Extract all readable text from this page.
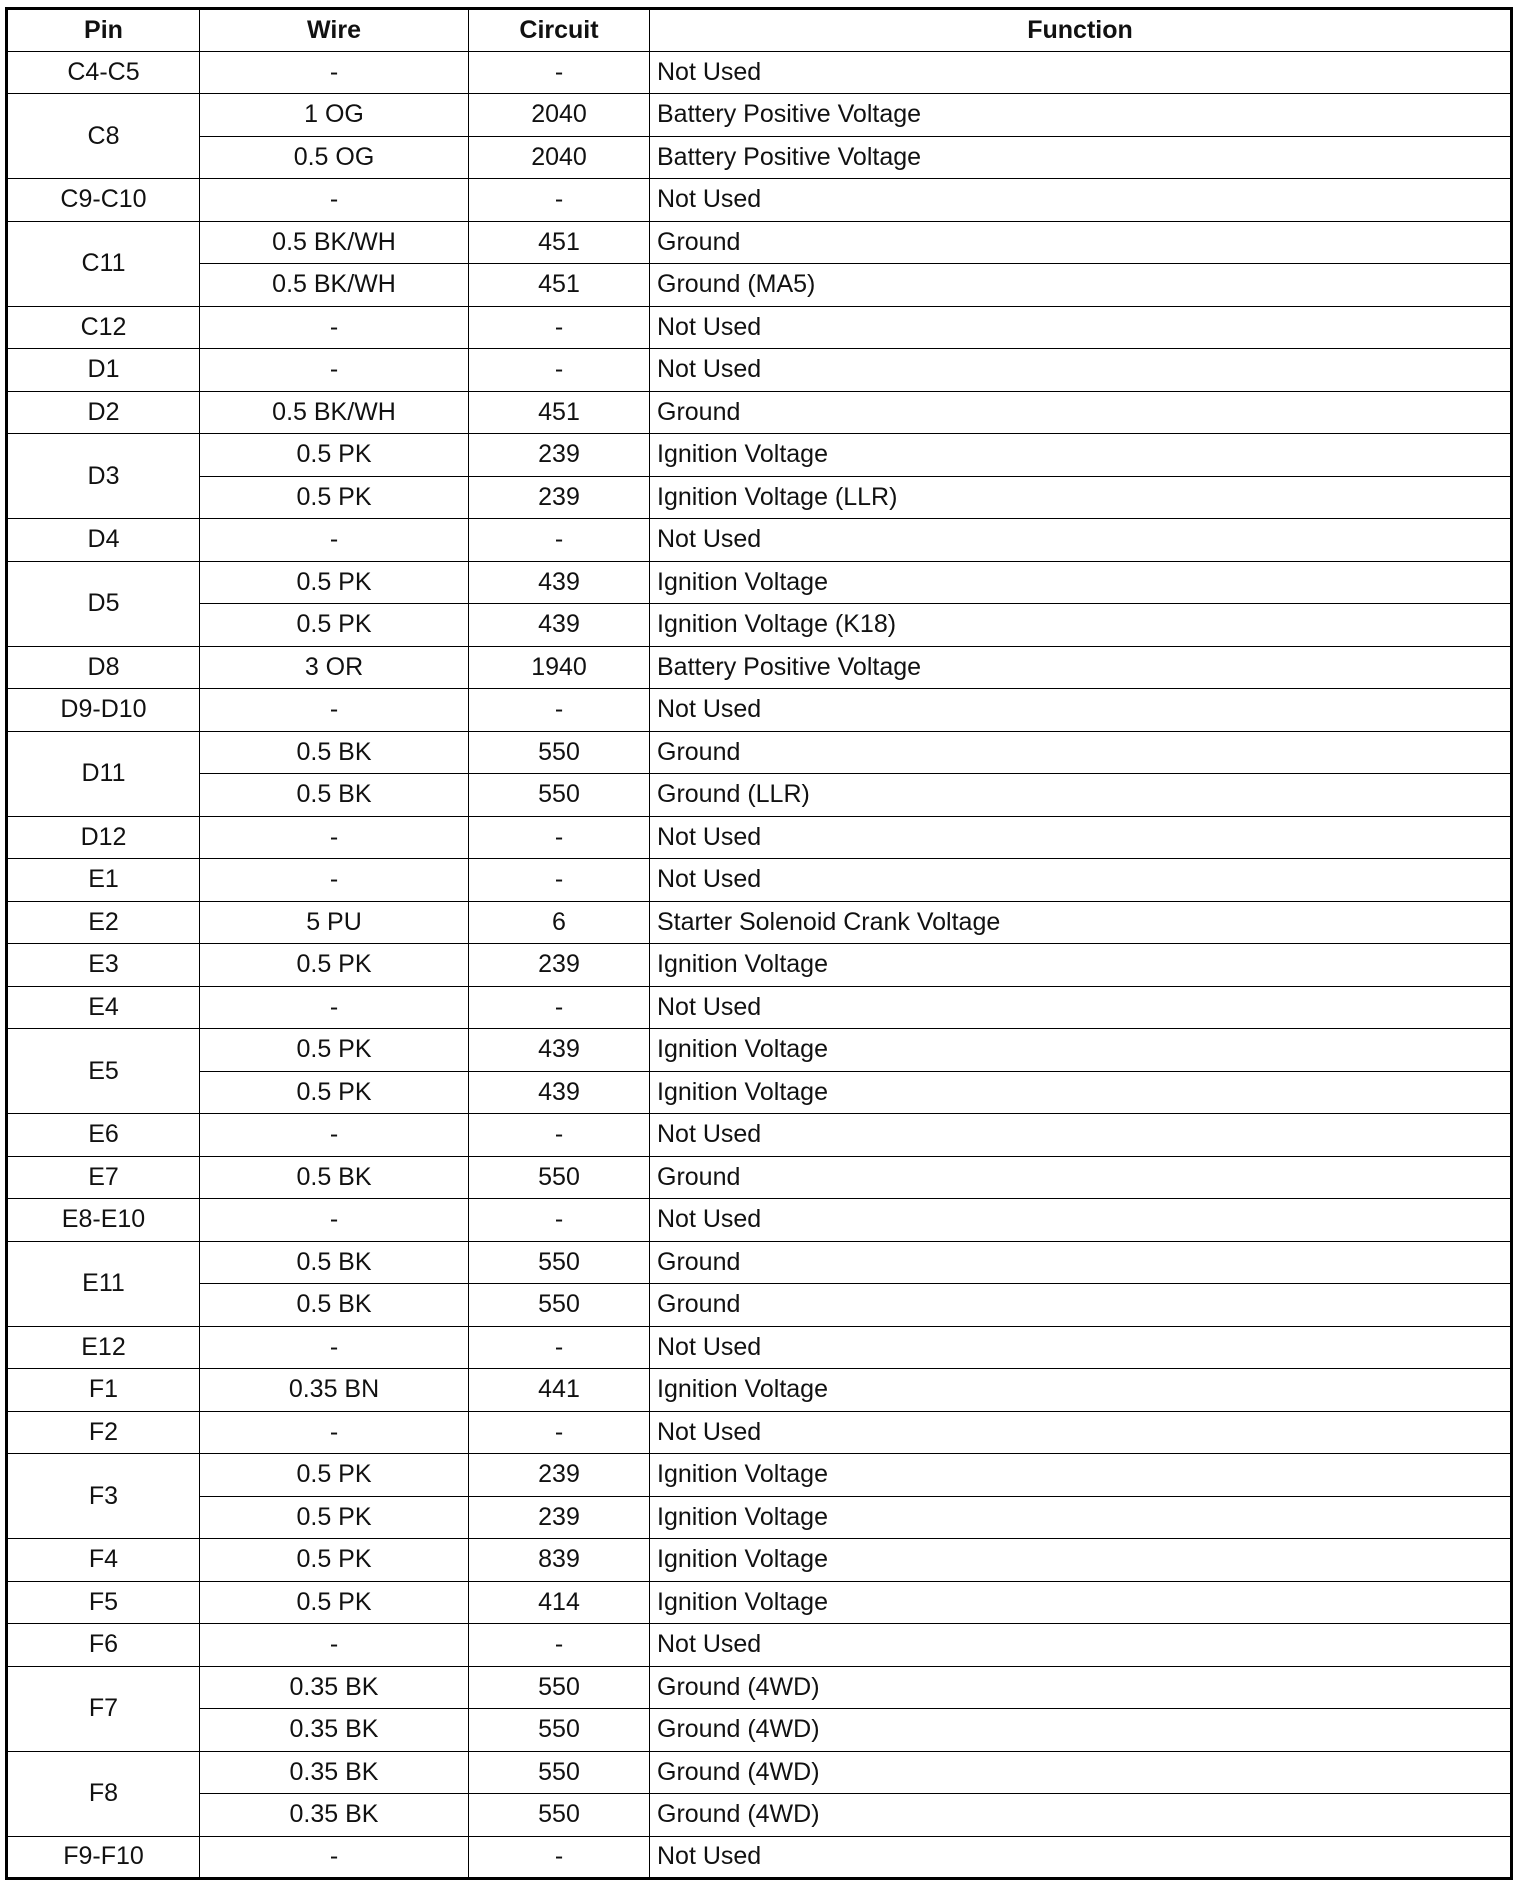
Pin	Wire	Circuit	Function
C4-C5	-	-	Not Used
C8	1 OG	2040	Battery Positive Voltage
	0.5 OG	2040	Battery Positive Voltage
C9-C10	-	-	Not Used
C11	0.5 BK/WH	451	Ground
	0.5 BK/WH	451	Ground (MA5)
C12	-	-	Not Used
D1	-	-	Not Used
D2	0.5 BK/WH	451	Ground
D3	0.5 PK	239	Ignition Voltage
	0.5 PK	239	Ignition Voltage (LLR)
D4	-	-	Not Used
D5	0.5 PK	439	Ignition Voltage
	0.5 PK	439	Ignition Voltage (K18)
D8	3 OR	1940	Battery Positive Voltage
D9-D10	-	-	Not Used
D11	0.5 BK	550	Ground
	0.5 BK	550	Ground (LLR)
D12	-	-	Not Used
E1	-	-	Not Used
E2	5 PU	6	Starter Solenoid Crank Voltage
E3	0.5 PK	239	Ignition Voltage
E4	-	-	Not Used
E5	0.5 PK	439	Ignition Voltage
	0.5 PK	439	Ignition Voltage
E6	-	-	Not Used
E7	0.5 BK	550	Ground
E8-E10	-	-	Not Used
E11	0.5 BK	550	Ground
	0.5 BK	550	Ground
E12	-	-	Not Used
F1	0.35 BN	441	Ignition Voltage
F2	-	-	Not Used
F3	0.5 PK	239	Ignition Voltage
	0.5 PK	239	Ignition Voltage
F4	0.5 PK	839	Ignition Voltage
F5	0.5 PK	414	Ignition Voltage
F6	-	-	Not Used
F7	0.35 BK	550	Ground (4WD)
	0.35 BK	550	Ground (4WD)
F8	0.35 BK	550	Ground (4WD)
	0.35 BK	550	Ground (4WD)
F9-F10	-	-	Not Used
